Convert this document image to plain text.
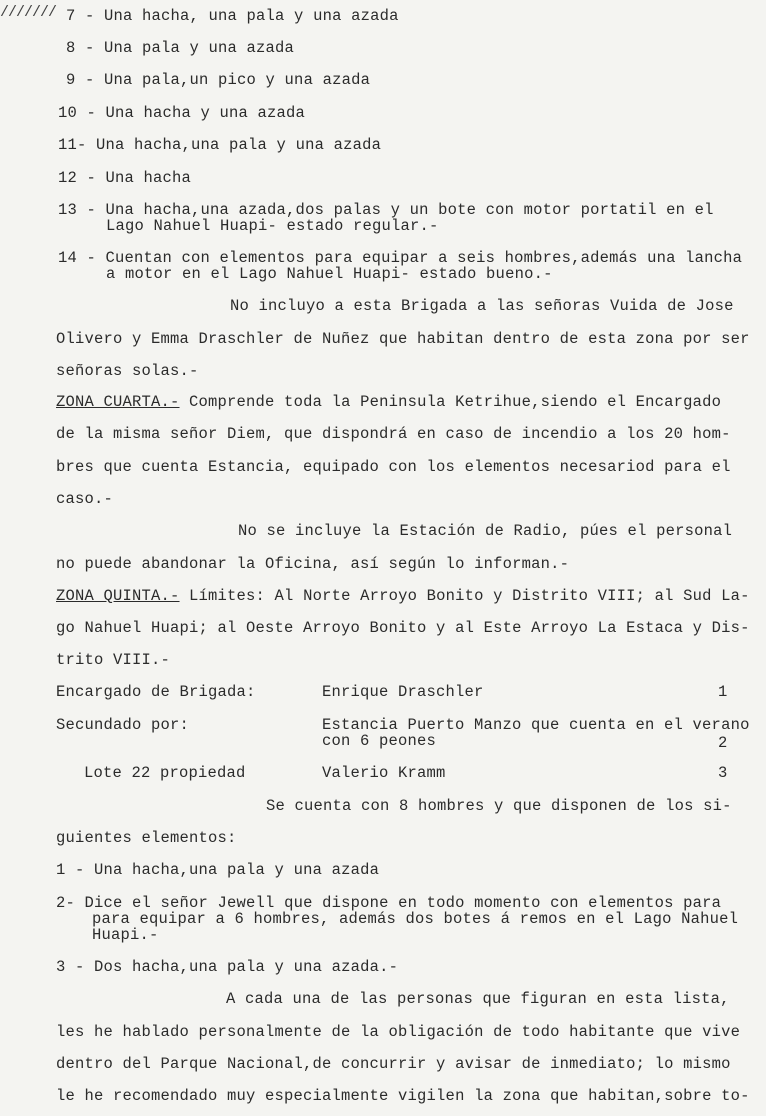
/////// 7 - Una hacha, una pala y una azada
8 - Una pala y una azada
9 - Una pala,un pico y una azada
10 - Una hacha y una azada
11- Una hacha,una pala y una azada
12 - Una hacha
13 - Una hacha,una azada,dos palas y un bote con motor portatil en el
Lago Nahuel Huapi- estado regular.-
14 - Cuentan con elementos para equipar a seis hombres,además una lancha
a motor en el Lago Nahuel Huapi- estado bueno.-
No incluyo a esta Brigada a las señoras Vuida de Jose
Olivero y Emma Draschler de Nuñez que habitan dentro de esta zona por ser
señoras solas.-
ZONA CUARTA.- Comprende toda la Peninsula Ketrihue,siendo el Encargado
de la misma señor Diem, que dispondrá en caso de incendio a los 20 hom-
bres que cuenta Estancia, equipado con los elementos necesariod para el
caso.-
No se incluye la Estación de Radio, púes el personal
no puede abandonar la Oficina, así según lo informan.-
ZONA QUINTA.- Límites: Al Norte Arroyo Bonito y Distrito VIII; al Sud La-
go Nahuel Huapi; al Oeste Arroyo Bonito y al Este Arroyo La Estaca y Dis-
trito VIII.-
Encargado de Brigada:	Enrique Draschler	1
Secundado por:	Estancia Puerto Manzo que cuenta en el verano
con 6 peones	2
Lote 22 propiedad	Valerio Kramm	3
Se cuenta con 8 hombres y que disponen de los si-
guientes elementos:
1 - Una hacha,una pala y una azada
2- Dice el señor Jewell que dispone en todo momento con elementos para
para equipar a 6 hombres, además dos botes á remos en el Lago Nahuel
Huapi.-
3 - Dos hacha,una pala y una azada.-
A cada una de las personas que figuran en esta lista,
les he hablado personalmente de la obligación de todo habitante que vive
dentro del Parque Nacional,de concurrir y avisar de inmediato; lo mismo
le he recomendado muy especialmente vigilen la zona que habitan,sobre to-
